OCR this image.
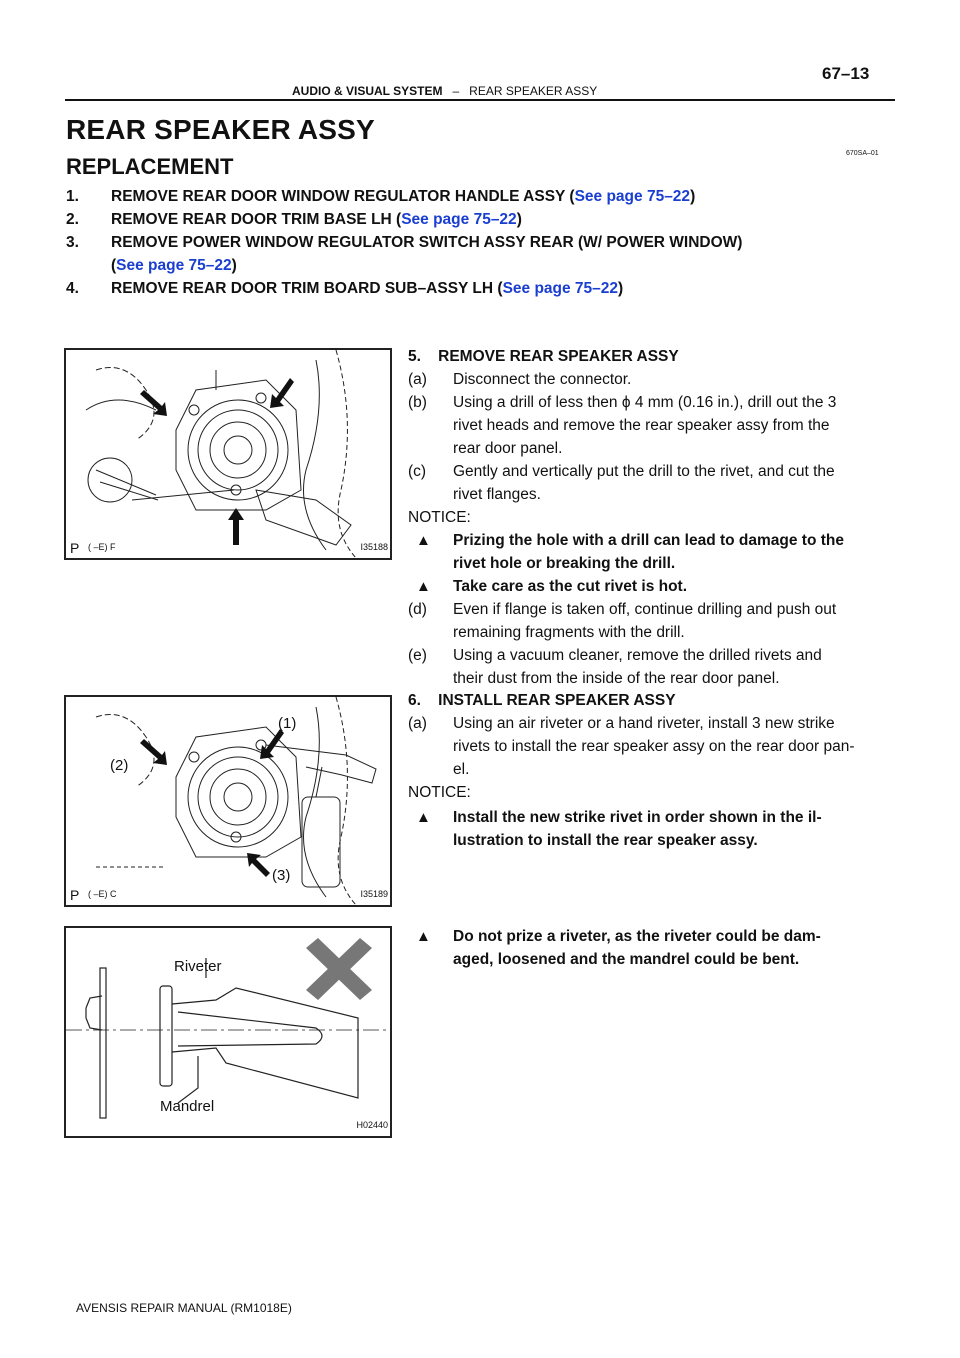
67–13
AUDIO & VISUAL SYSTEM – REAR SPEAKER ASSY
REAR SPEAKER ASSY
670SA–01
REPLACEMENT
1. REMOVE REAR DOOR WINDOW REGULATOR HANDLE ASSY (See page 75–22)
2. REMOVE REAR DOOR TRIM BASE LH (See page 75–22)
3. REMOVE POWER WINDOW REGULATOR SWITCH ASSY REAR (W/ POWER WINDOW)
(See page 75–22)
4. REMOVE REAR DOOR TRIM BOARD SUB–ASSY LH (See page 75–22)
P ( –E) F	I35188
(1)
(2)
(3)
P ( –E) C	I35189
Riveter
Mandrel
H02440
5.    REMOVE REAR SPEAKER ASSY
(a) Disconnect the connector.
(b) Using a drill of less then ϕ 4 mm (0.16 in.), drill out the 3
rivet heads and remove the rear speaker assy from the
rear door panel.
(c) Gently and vertically put the drill to the rivet, and cut the
rivet flanges.
NOTICE:
▲ Prizing the hole with a drill can lead to damage to the
rivet hole or breaking the drill.
▲ Take care as the cut rivet is hot.
(d) Even if flange is taken off, continue drilling and push out
remaining fragments with the drill.
(e) Using a vacuum cleaner, remove the drilled rivets and
their dust from the inside of the rear door panel.
6.    INSTALL REAR SPEAKER ASSY
(a) Using an air riveter or a hand riveter, install 3 new strike
rivets to install the rear speaker assy on the rear door pan-
el.
NOTICE:
▲ Install the new strike rivet in order shown in the il-
lustration to install the rear speaker assy.
▲ Do not prize a riveter, as the riveter could be dam-
aged, loosened and the mandrel could be bent.
AVENSIS REPAIR MANUAL (RM1018E)
